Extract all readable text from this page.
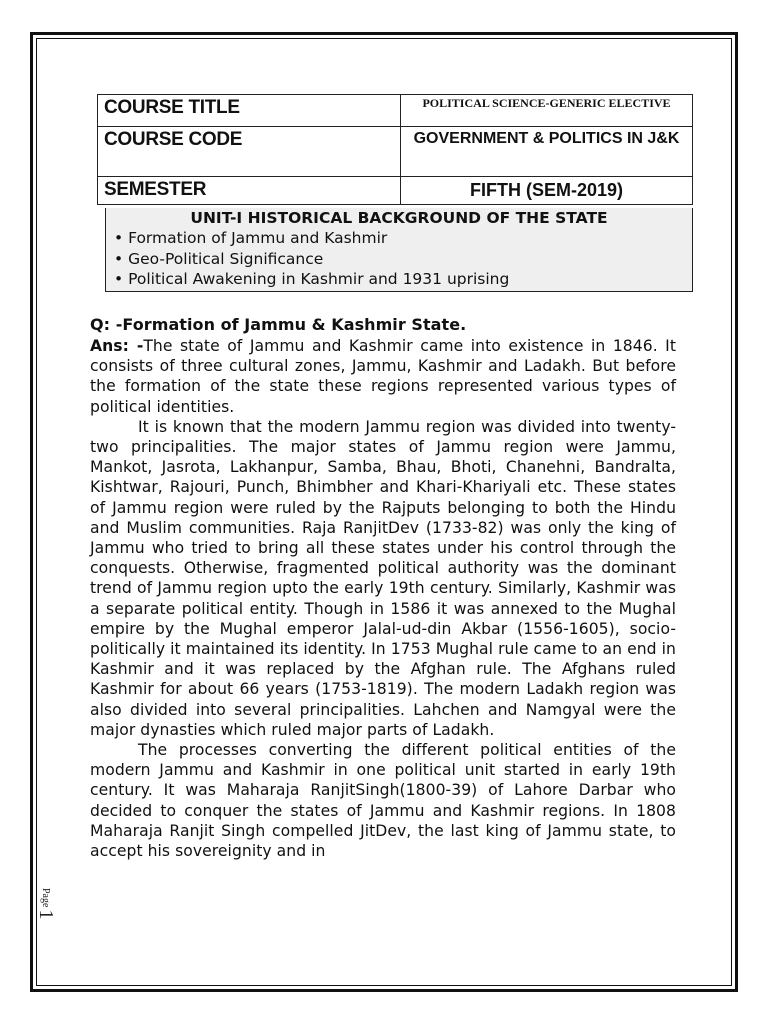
COURSE TITLE	POLITICAL SCIENCE-GENERIC ELECTIVE
COURSE CODE	GOVERNMENT & POLITICS IN J&K
SEMESTER	FIFTH (SEM-2019)
UNIT-I HISTORICAL BACKGROUND OF THE STATE
• Formation of Jammu and Kashmir
• Geo-Political Significance
• Political Awakening in Kashmir and 1931 uprising

Q: -Formation of Jammu & Kashmir State.

Ans: -The state of Jammu and Kashmir came into existence in 1846. It consists of three cultural zones, Jammu, Kashmir and Ladakh. But before the formation of the state these regions represented various types of political identities.

It is known that the modern Jammu region was divided into twenty-two principalities. The major states of Jammu region were Jammu, Mankot, Jasrota, Lakhanpur, Samba, Bhau, Bhoti, Chanehni, Bandralta, Kishtwar, Rajouri, Punch, Bhimbher and Khari-Khariyali etc. These states of Jammu region were ruled by the Rajputs belonging to both the Hindu and Muslim communities. Raja RanjitDev (1733-82) was only the king of Jammu who tried to bring all these states under his control through the conquests. Otherwise, fragmented political authority was the dominant trend of Jammu region upto the early 19th century. Similarly, Kashmir was a separate political entity. Though in 1586 it was annexed to the Mughal empire by the Mughal emperor Jalal-ud-din Akbar (1556-1605), socio-politically it maintained its identity. In 1753 Mughal rule came to an end in Kashmir and it was replaced by the Afghan rule. The Afghans ruled Kashmir for about 66 years (1753-1819). The modern Ladakh region was also divided into several principalities. Lahchen and Namgyal were the major dynasties which ruled major parts of Ladakh.

The processes converting the different political entities of the modern Jammu and Kashmir in one political unit started in early 19th century. It was Maharaja RanjitSingh(1800-39) of Lahore Darbar who decided to conquer the states of Jammu and Kashmir regions. In 1808 Maharaja Ranjit Singh compelled JitDev, the last king of Jammu state, to accept his sovereignity and in

Page
1
